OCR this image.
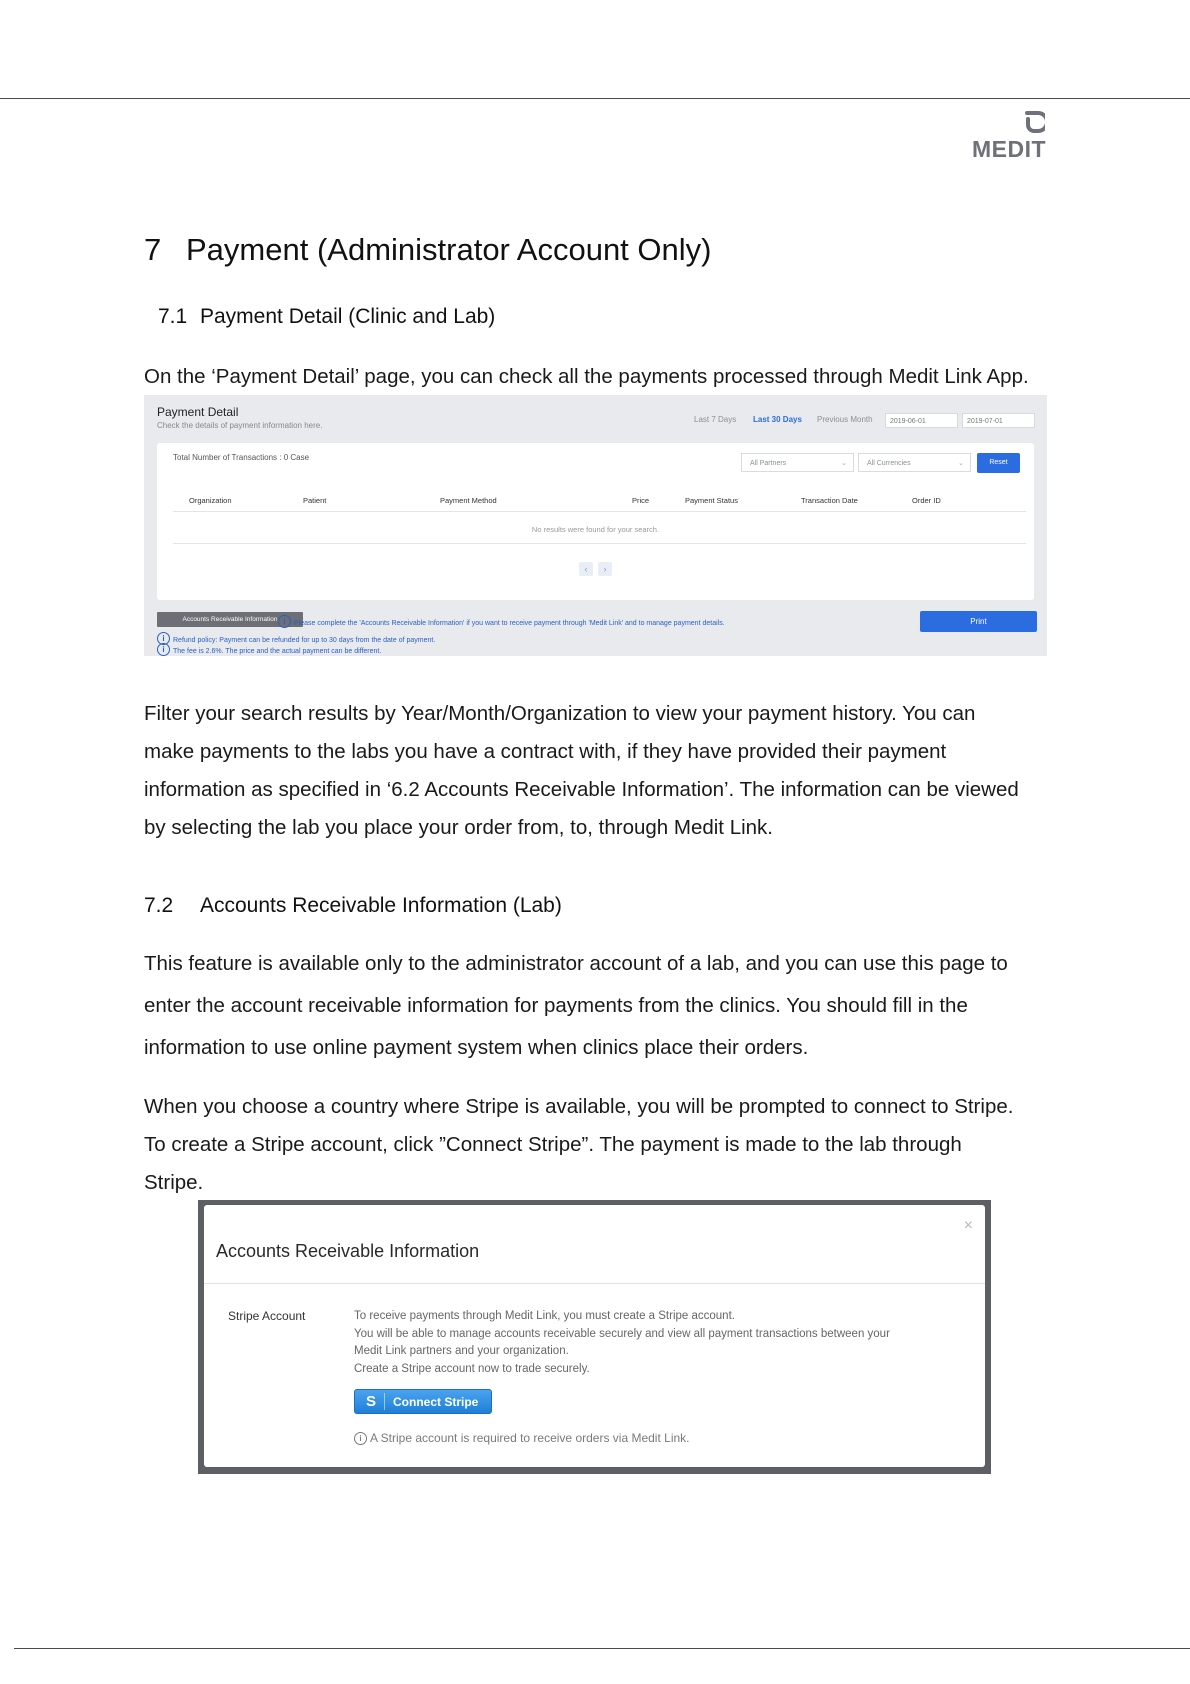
MEDIT
7 Payment (Administrator Account Only)
7.1 Payment Detail (Clinic and Lab)
On the ‘Payment Detail’ page, you can check all the payments processed through Medit Link App.
Payment Detail
Check the details of payment information here.
Last 7 Days Last 30 Days Previous Month	2019-06-01	2019-07-01
Total Number of Transactions : 0 Case
All Partners	⌄	All Currencies	⌄	Reset
Organization	Patient	Payment Method	Price	Payment Status	Transaction Date	Order ID
No results were found for your search.
‹	›
Accounts Receivable Information i Please complete the 'Accounts Receivable Information' if you want to receive payment through 'Medit Link' and to manage payment details.	Print
i Refund policy: Payment can be refunded for up to 30 days from the date of payment.
i The fee is 2.6%. The price and the actual payment can be different.
Filter your search results by Year/Month/Organization to view your payment history. You can
make payments to the labs you have a contract with, if they have provided their payment
information as specified in ‘6.2 Accounts Receivable Information’. The information can be viewed
by selecting the lab you place your order from, to, through Medit Link.
7.2 Accounts Receivable Information (Lab)
This feature is available only to the administrator account of a lab, and you can use this page to
enter the account receivable information for payments from the clinics. You should fill in the
information to use online payment system when clinics place their orders.
When you choose a country where Stripe is available, you will be prompted to connect to Stripe.
To create a Stripe account, click ”Connect Stripe”. The payment is made to the lab through
Stripe.
Accounts Receivable Information
×
Stripe Account	To receive payments through Medit Link, you must create a Stripe account.
You will be able to manage accounts receivable securely and view all payment transactions between your
Medit Link partners and your organization.
Create a Stripe account now to trade securely.
S Connect Stripe
i A Stripe account is required to receive orders via Medit Link.
